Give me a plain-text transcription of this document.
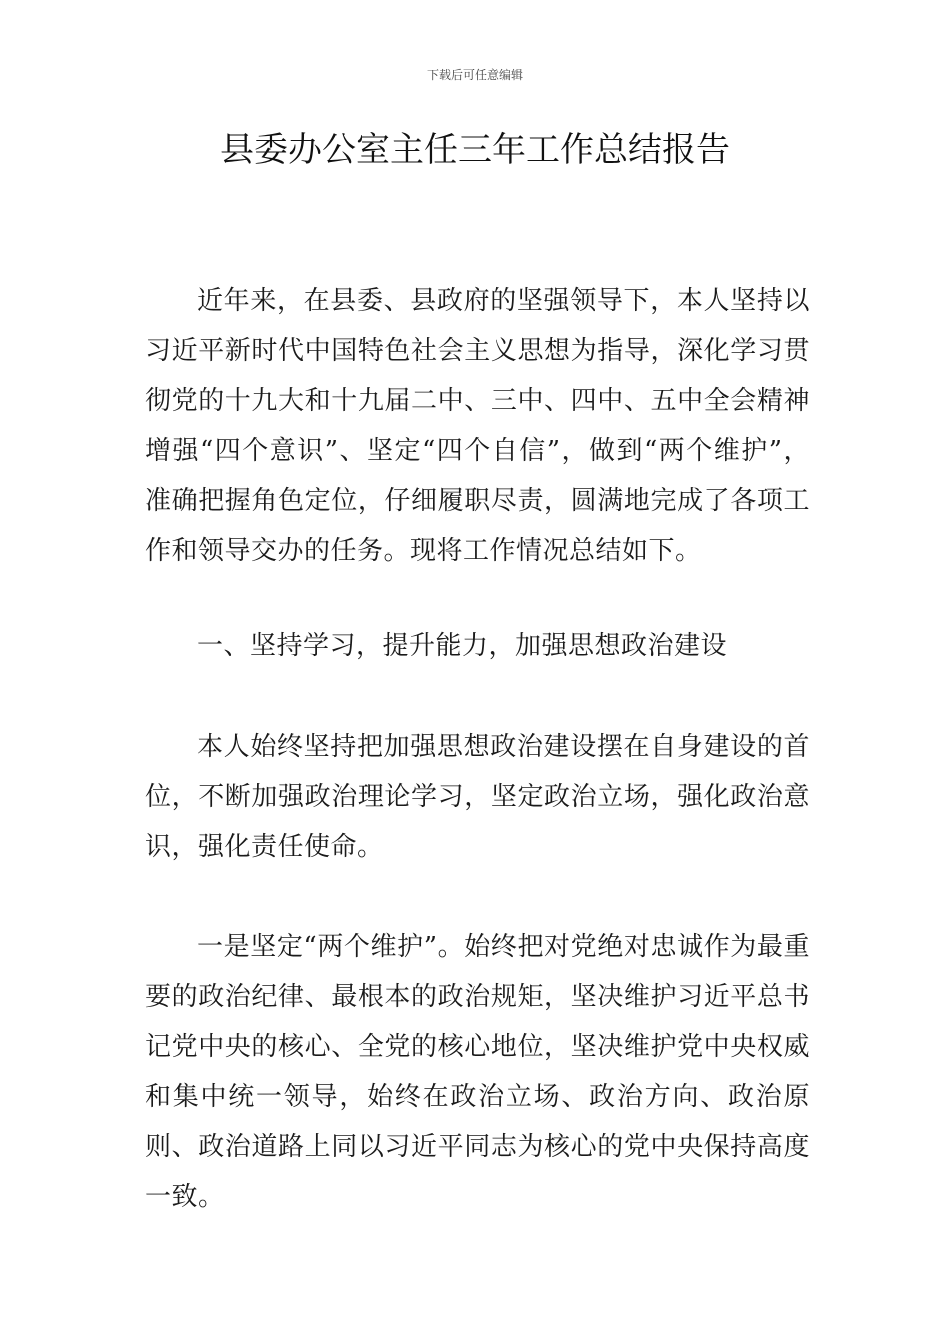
下载后可任意编辑
县委办公室主任三年工作总结报告

近年来，在县委、县政府的坚强领导下，本人坚持以习近平新时代中国特色社会主义思想为指导，深化学习贯彻党的十九大和十九届二中、三中、四中、五中全会精神增强“四个意识”、坚定“四个自信”，做到“两个维护”，准确把握角色定位，仔细履职尽责，圆满地完成了各项工作和领导交办的任务。现将工作情况总结如下。

一、坚持学习，提升能力，加强思想政治建设

本人始终坚持把加强思想政治建设摆在自身建设的首位，不断加强政治理论学习，坚定政治立场，强化政治意识，强化责任使命。

一是坚定“两个维护”。始终把对党绝对忠诚作为最重要的政治纪律、最根本的政治规矩，坚决维护习近平总书记党中央的核心、全党的核心地位，坚决维护党中央权威和集中统一领导，始终在政治立场、政治方向、政治原则、政治道路上同以习近平同志为核心的党中央保持高度一致。
